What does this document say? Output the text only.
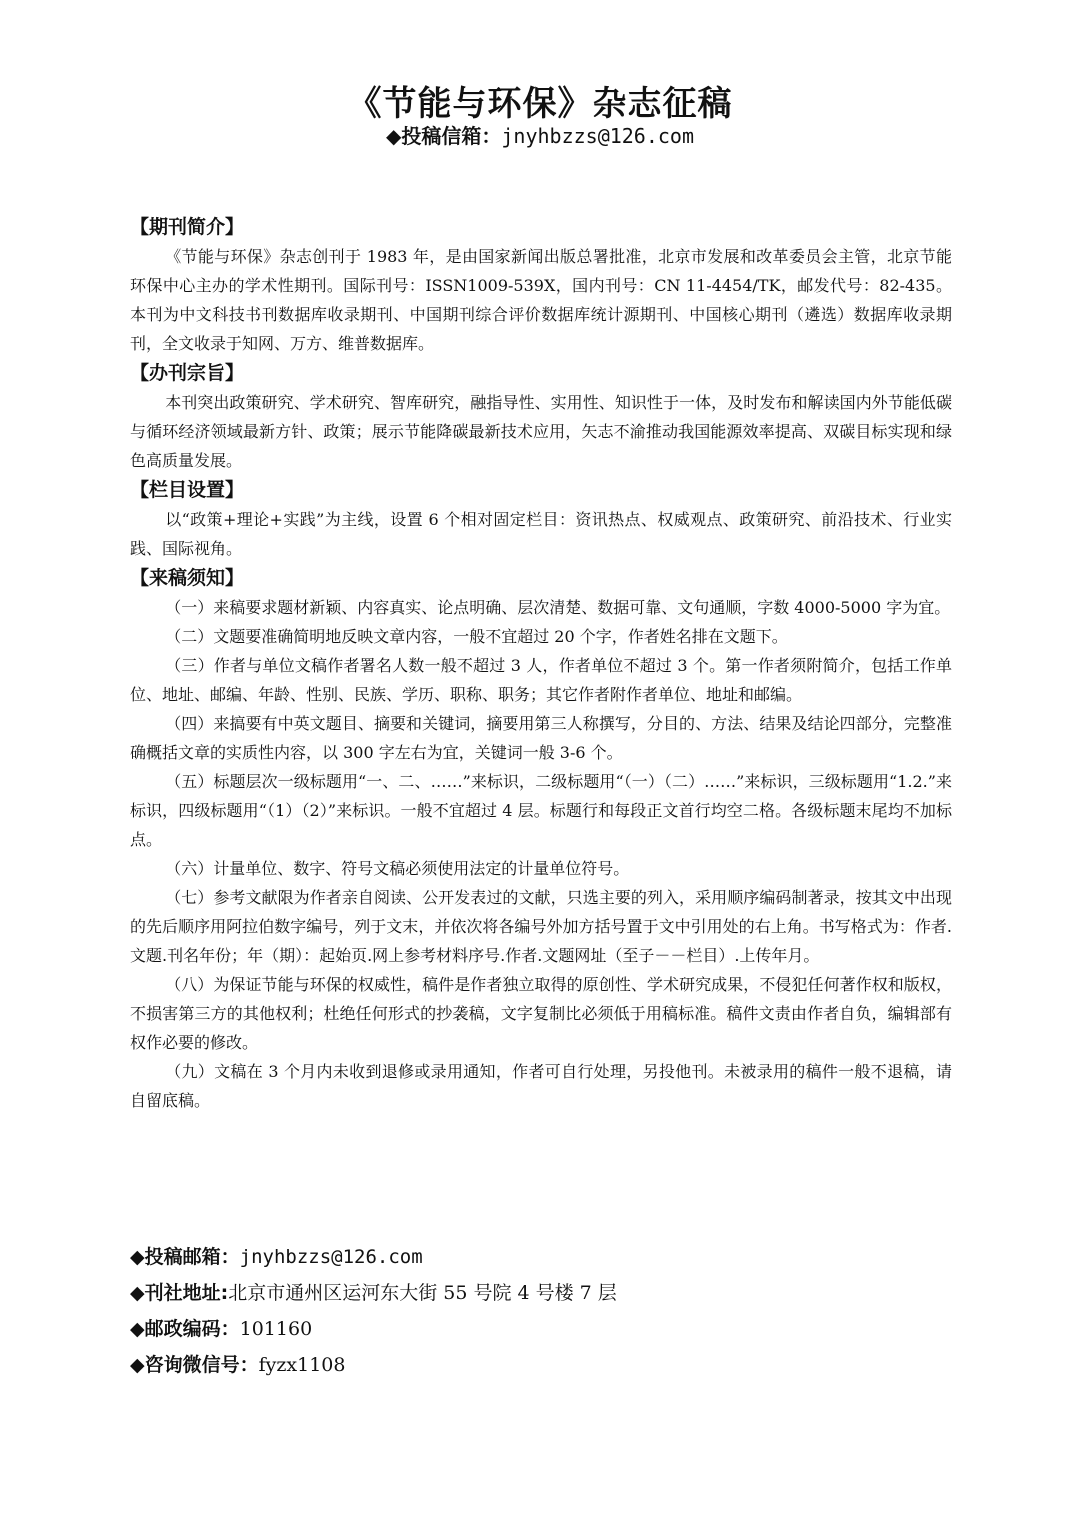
《节能与环保》杂志征稿
◆投稿信箱：jnyhbzzs@126.com
【期刊简介】

《节能与环保》杂志创刊于 1983 年，是由国家新闻出版总署批准，北京市发展和改革委员会主管，北京节能环保中心主办的学术性期刊。国际刊号：ISSN1009-539X，国内刊号：CN 11-4454/TK，邮发代号：82-435。本刊为中文科技书刊数据库收录期刊、中国期刊综合评价数据库统计源期刊、中国核心期刊（遴选）数据库收录期刊，全文收录于知网、万方、维普数据库。

【办刊宗旨】

本刊突出政策研究、学术研究、智库研究，融指导性、实用性、知识性于一体，及时发布和解读国内外节能低碳与循环经济领域最新方针、政策；展示节能降碳最新技术应用，矢志不渝推动我国能源效率提高、双碳目标实现和绿色高质量发展。

【栏目设置】

以“政策+理论+实践”为主线，设置 6 个相对固定栏目：资讯热点、权威观点、政策研究、前沿技术、行业实践、国际视角。

【来稿须知】

（一）来稿要求题材新颖、内容真实、论点明确、层次清楚、数据可靠、文句通顺，字数 4000-5000 字为宜。

（二）文题要准确简明地反映文章内容，一般不宜超过 20 个字，作者姓名排在文题下。

（三）作者与单位文稿作者署名人数一般不超过 3 人，作者单位不超过 3 个。第一作者须附简介，包括工作单位、地址、邮编、年龄、性别、民族、学历、职称、职务；其它作者附作者单位、地址和邮编。

（四）来搞要有中英文题目、摘要和关键词，摘要用第三人称撰写，分目的、方法、结果及结论四部分，完整准确概括文章的实质性内容，以 300 字左右为宜，关键词一般 3-6 个。

（五）标题层次一级标题用“一、二、……”来标识，二级标题用“（一）（二）……”来标识，三级标题用“1.2.”来标识，四级标题用“（1）（2）”来标识。一般不宜超过 4 层。标题行和每段正文首行均空二格。各级标题末尾均不加标点。

（六）计量单位、数字、符号文稿必须使用法定的计量单位符号。

（七）参考文献限为作者亲自阅读、公开发表过的文献，只选主要的列入，采用顺序编码制著录，按其文中出现的先后顺序用阿拉伯数字编号，列于文末，并依次将各编号外加方括号置于文中引用处的右上角。书写格式为：作者.文题.刊名年份；年（期）：起始页.网上参考材料序号.作者.文题网址（至子－－栏目）.上传年月。

（八）为保证节能与环保的权威性，稿件是作者独立取得的原创性、学术研究成果，不侵犯任何著作权和版权，不损害第三方的其他权利；杜绝任何形式的抄袭稿，文字复制比必须低于用稿标准。稿件文责由作者自负，编辑部有权作必要的修改。

（九）文稿在 3 个月内未收到退修或录用通知，作者可自行处理，另投他刊。未被录用的稿件一般不退稿，请自留底稿。

◆投稿邮箱：jnyhbzzs@126.com
◆刊社地址:北京市通州区运河东大街 55 号院 4 号楼 7 层
◆邮政编码：101160
◆咨询微信号：fyzx1108
